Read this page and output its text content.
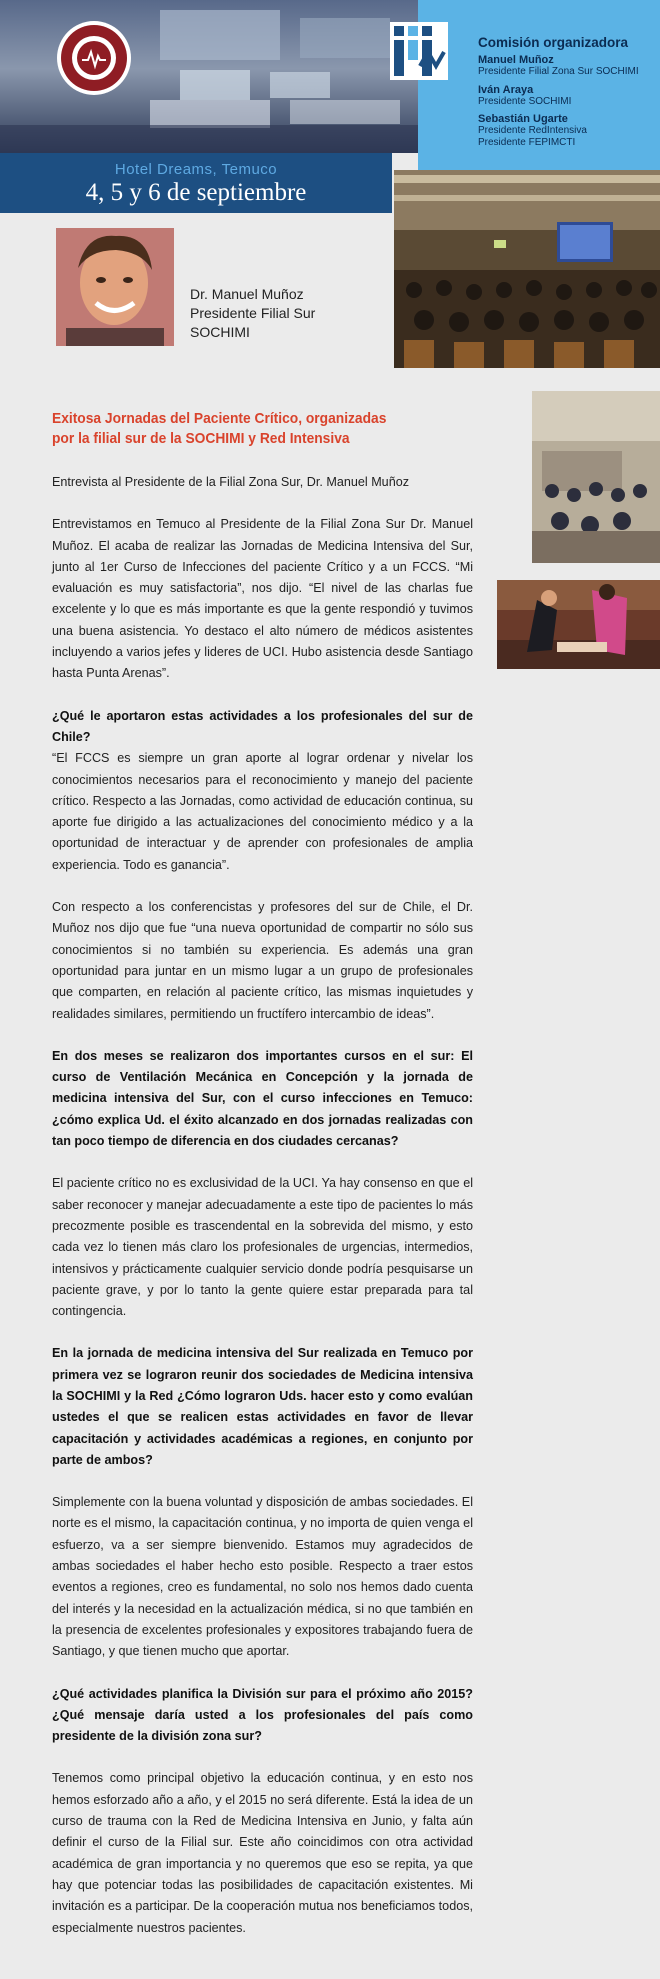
Hotel Dreams, Temuco
4, 5 y 6 de septiembre
Comisión organizadora
Manuel Muñoz
Presidente Filial Zona Sur SOCHIMI
Iván Araya
Presidente SOCHIMI
Sebastián Ugarte
Presidente RedIntensiva
Presidente FEPIMCTI
Dr. Manuel Muñoz
Presidente Filial Sur
SOCHIMI
Exitosa Jornadas del Paciente Crítico, organizadas por la filial sur de la SOCHIMI y Red Intensiva

Entrevista al Presidente de la Filial Zona Sur, Dr. Manuel Muñoz

Entrevistamos en Temuco al Presidente de la Filial Zona Sur Dr. Manuel Muñoz. El acaba de realizar las Jornadas de Medicina Intensiva del Sur, junto al 1er Curso de Infecciones del paciente Crítico y a un FCCS. “Mi evaluación es muy satisfactoria”, nos dijo. “El nivel de las charlas fue excelente y lo que es más importante es que la gente respondió y tuvimos una buena asistencia. Yo destaco el alto número de médicos asistentes incluyendo a varios jefes y lideres de UCI. Hubo asistencia desde Santiago hasta Punta Arenas”.

¿Qué le aportaron estas actividades a los profesionales del sur de Chile?

“El FCCS es siempre un gran aporte al lograr ordenar y nivelar los conocimientos necesarios para el reconocimiento y manejo del paciente crítico. Respecto a las Jornadas, como actividad de educación continua, su aporte fue dirigido a las actualizaciones del conocimiento médico y a la oportunidad de interactuar y de aprender con profesionales de amplia experiencia. Todo es ganancia”.

Con respecto a los conferencistas y profesores del sur de Chile, el Dr. Muñoz nos dijo que fue “una nueva oportunidad de compartir no sólo sus conocimientos si no también su experiencia. Es además una gran oportunidad para juntar en un mismo lugar a un grupo de profesionales que comparten, en relación al paciente crítico, las mismas inquietudes y realidades similares, permitiendo un fructífero intercambio de ideas”.

En dos meses se realizaron dos importantes cursos en el sur: El curso de Ventilación Mecánica en Concepción y la jornada de medicina intensiva del Sur, con el curso infecciones en Temuco: ¿cómo explica Ud. el éxito alcanzado en dos jornadas realizadas con tan poco tiempo de diferencia en dos ciudades cercanas?

El paciente crítico no es exclusividad de la UCI. Ya hay consenso en que el saber reconocer y manejar adecuadamente a este tipo de pacientes lo más precozmente posible es trascendental en la sobrevida del mismo, y esto cada vez lo tienen más claro los profesionales de urgencias, intermedios, intensivos y prácticamente cualquier servicio donde podría pesquisarse un paciente grave, y por lo tanto la gente quiere estar preparada para tal contingencia.

En la jornada de medicina intensiva del Sur realizada en Temuco por primera vez se lograron reunir dos sociedades de Medicina intensiva la SOCHIMI y la Red ¿Cómo lograron Uds. hacer esto y como evalúan ustedes el que se realicen estas actividades en favor de llevar capacitación y actividades académicas a regiones, en conjunto por parte de ambos?

Simplemente con la buena voluntad y disposición de ambas sociedades. El norte es el mismo, la capacitación continua, y no importa de quien venga el esfuerzo, va a ser siempre bienvenido. Estamos muy agradecidos de ambas sociedades el haber hecho esto posible. Respecto a traer estos eventos a regiones, creo es fundamental, no solo nos hemos dado cuenta del interés y la necesidad en la actualización médica, si no que también en la presencia de excelentes profesionales y expositores trabajando fuera de Santiago, y que tienen mucho que aportar.

¿Qué actividades planifica la División sur para el próximo año 2015? ¿Qué mensaje daría usted a los profesionales del país como presidente de la división zona sur?

Tenemos como principal objetivo la educación continua, y en esto nos hemos esforzado año a año, y el 2015 no será diferente. Está la idea de un curso de trauma con la Red de Medicina Intensiva en Junio, y falta aún definir el curso de la Filial sur. Este año coincidimos con otra actividad académica de gran importancia y no queremos que eso se repita, ya que hay que potenciar todas las posibilidades de capacitación existentes. Mi invitación es a participar. De la cooperación mutua nos beneficiamos todos, especialmente nuestros pacientes.
